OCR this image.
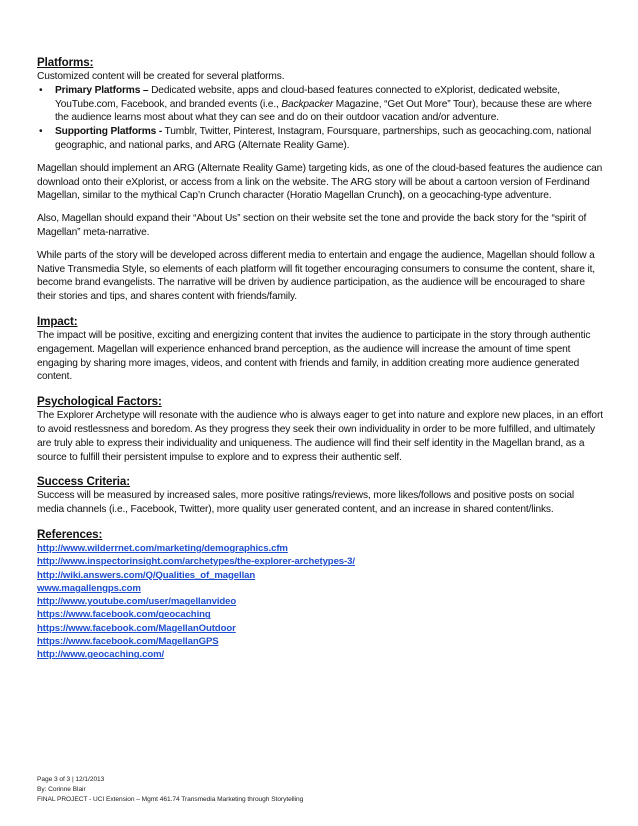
Platforms:

Customized content will be created for several platforms.

• Primary Platforms – Dedicated website, apps and cloud-based features connected to eXplorist, dedicated website, YouTube.com, Facebook, and branded events (i.e., Backpacker Magazine, “Get Out More” Tour), because these are where the audience learns most about what they can see and do on their outdoor vacation and/or adventure.
• Supporting Platforms - Tumblr, Twitter, Pinterest, Instagram, Foursquare, partnerships, such as geocaching.com, national geographic, and national parks, and ARG (Alternate Reality Game).

Magellan should implement an ARG (Alternate Reality Game) targeting kids, as one of the cloud-based features the audience can download onto their eXplorist, or access from a link on the website. The ARG story will be about a cartoon version of Ferdinand Magellan, similar to the mythical Cap’n Crunch character (Horatio Magellan Crunch), on a geocaching-type adventure.

Also, Magellan should expand their “About Us” section on their website set the tone and provide the back story for the “spirit of Magellan” meta-narrative.

While parts of the story will be developed across different media to entertain and engage the audience, Magellan should follow a Native Transmedia Style, so elements of each platform will fit together encouraging consumers to consume the content, share it, become brand evangelists. The narrative will be driven by audience participation, as the audience will be encouraged to share their stories and tips, and shares content with friends/family.

Impact:

The impact will be positive, exciting and energizing content that invites the audience to participate in the story through authentic engagement. Magellan will experience enhanced brand perception, as the audience will increase the amount of time spent engaging by sharing more images, videos, and content with friends and family, in addition creating more audience generated content.

Psychological Factors:

The Explorer Archetype will resonate with the audience who is always eager to get into nature and explore new places, in an effort to avoid restlessness and boredom. As they progress they seek their own individuality in order to be more fulfilled, and ultimately are truly able to express their individuality and uniqueness. The audience will find their self identity in the Magellan brand, as a source to fulfill their persistent impulse to explore and to express their authentic self.

Success Criteria:

Success will be measured by increased sales, more positive ratings/reviews, more likes/follows and positive posts on social media channels (i.e., Facebook, Twitter), more quality user generated content, and an increase in shared content/links.

References:
http://www.wilderrnet.com/marketing/demographics.cfm
http://www.inspectorinsight.com/archetypes/the-explorer-archetypes-3/
http://wiki.answers.com/Q/Qualities_of_magellan
www.magallengps.com
http://www.youtube.com/user/magellanvideo
https://www.facebook.com/geocaching
https://www.facebook.com/MagellanOutdoor
https://www.facebook.com/MagellanGPS
http://www.geocaching.com/
Page 3 of 3 | 12/1/2013
By: Corinne Blair
FINAL PROJECT - UCI Extension – Mgmt 461.74 Transmedia Marketing through Storytelling
